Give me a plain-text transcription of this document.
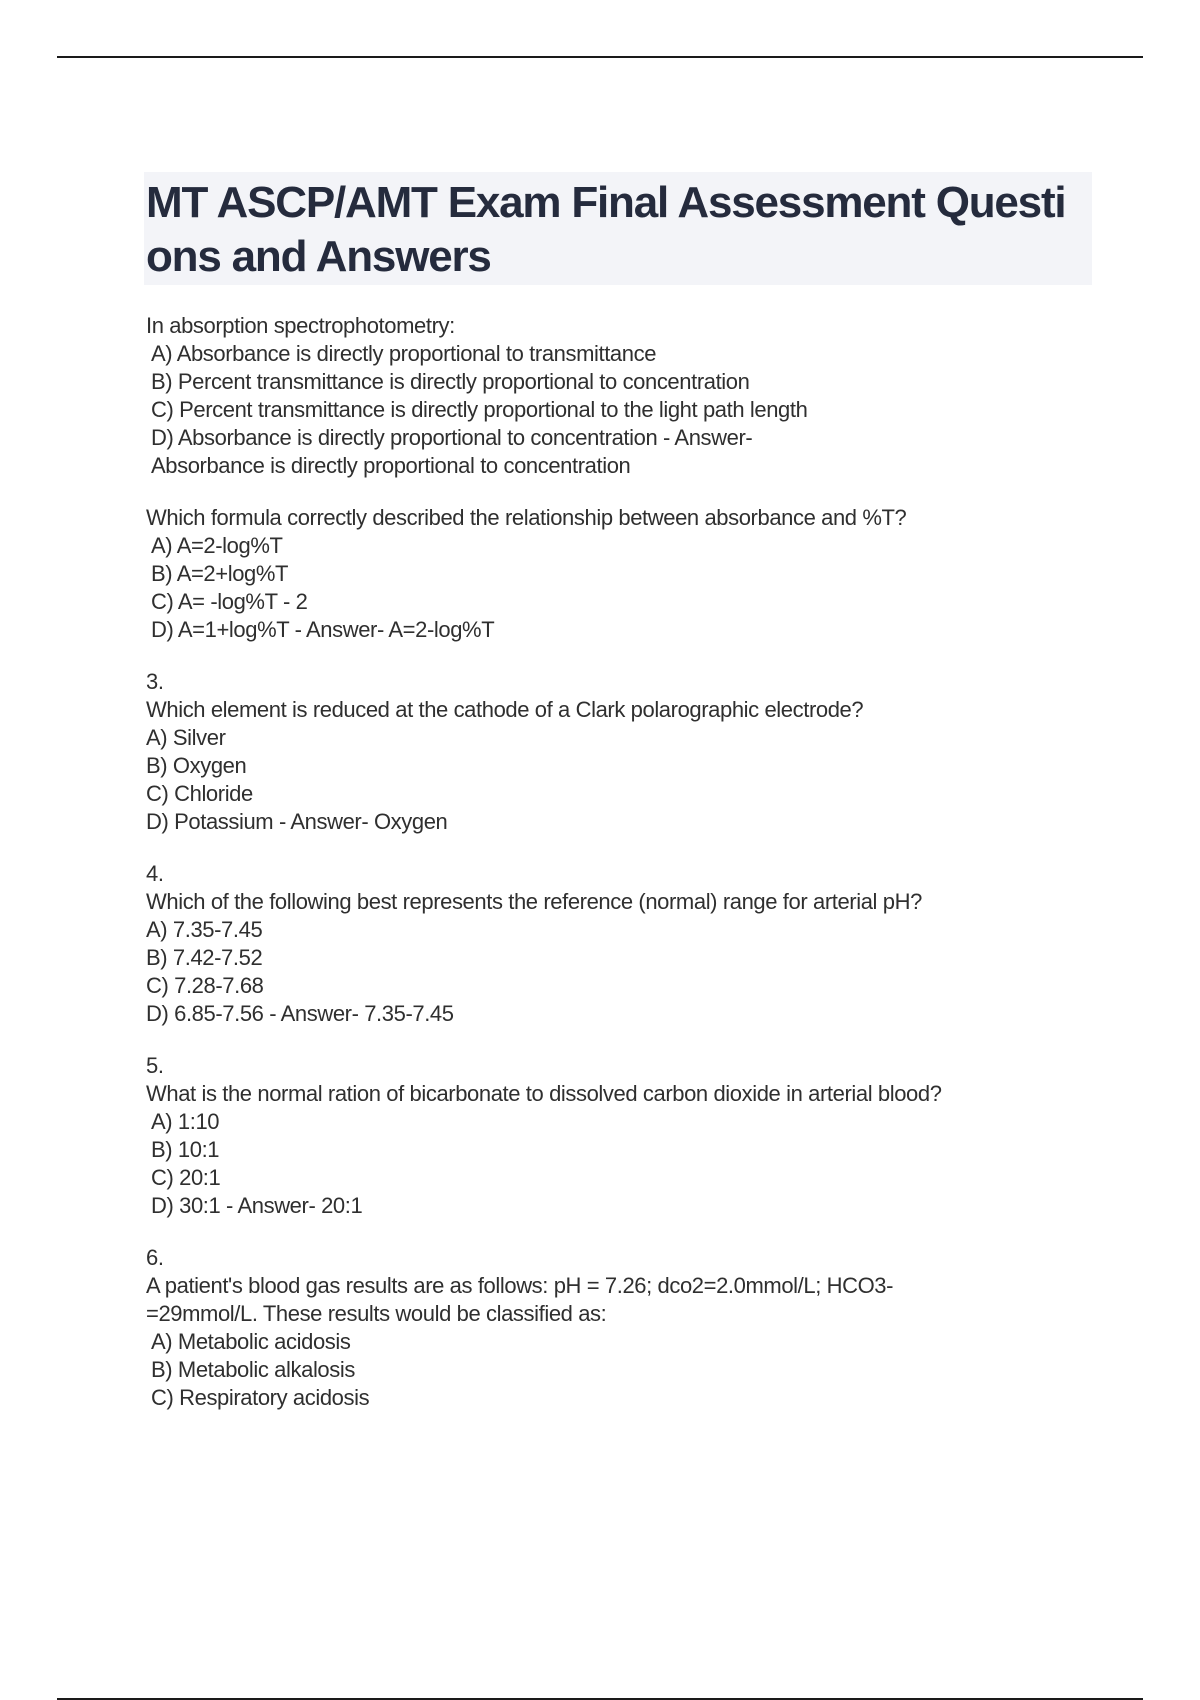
MT ASCP/AMT Exam Final Assessment Questions and Answers
In absorption spectrophotometry:
A) Absorbance is directly proportional to transmittance
B) Percent transmittance is directly proportional to concentration
C) Percent transmittance is directly proportional to the light path length
D) Absorbance is directly proportional to concentration - Answer-
Absorbance is directly proportional to concentration
Which formula correctly described the relationship between absorbance and %T?
A) A=2-log%T
B) A=2+log%T
C) A= -log%T - 2
D) A=1+log%T - Answer- A=2-log%T
3.
Which element is reduced at the cathode of a Clark polarographic electrode?
A) Silver
B) Oxygen
C) Chloride
D) Potassium - Answer- Oxygen
4.
Which of the following best represents the reference (normal) range for arterial pH?
A) 7.35-7.45
B) 7.42-7.52
C) 7.28-7.68
D) 6.85-7.56 - Answer- 7.35-7.45
5.
What is the normal ration of bicarbonate to dissolved carbon dioxide in arterial blood?
A) 1:10
B) 10:1
C) 20:1
D) 30:1 - Answer- 20:1
6.
A patient's blood gas results are as follows: pH = 7.26; dco2=2.0mmol/L; HCO3-
=29mmol/L. These results would be classified as:
A) Metabolic acidosis
B) Metabolic alkalosis
C) Respiratory acidosis
